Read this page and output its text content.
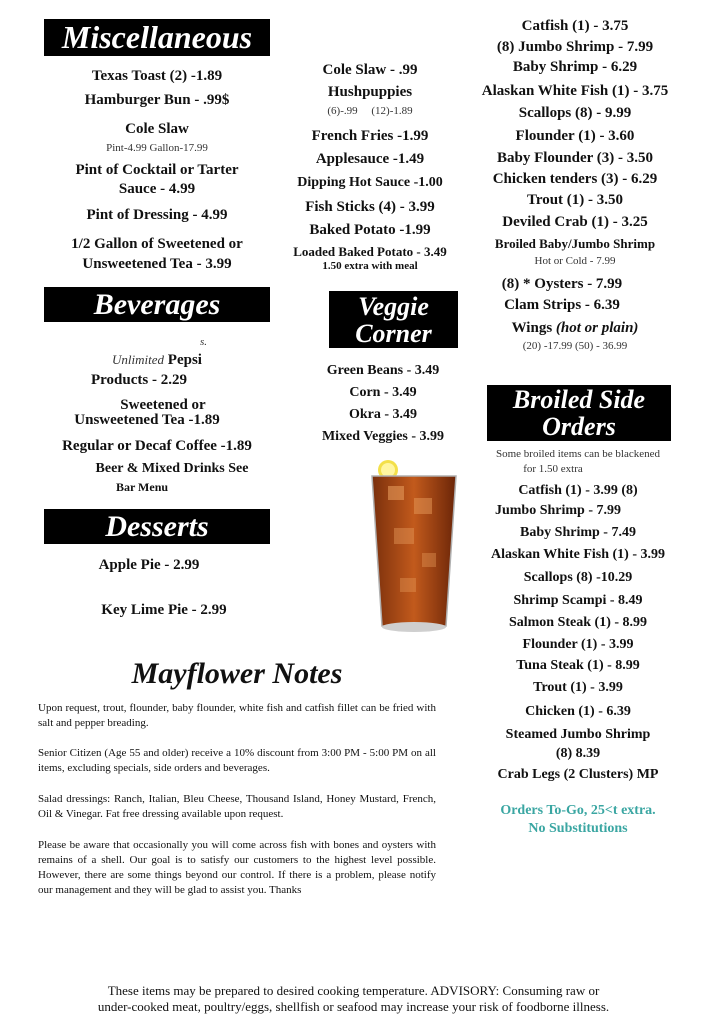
Miscellaneous
Texas Toast (2) -1.89
Hamburger Bun - .99$
Cole Slaw
Pint-4.99 Gallon-17.99
Pint of Cocktail or Tarter
Sauce - 4.99
Pint of Dressing - 4.99
1/2 Gallon of Sweetened or
Unsweetened Tea - 3.99
Beverages
s.
Unlimited Pepsi
Products - 2.29
Sweetened or
Unsweetened Tea -1.89
Regular or Decaf Coffee -1.89
Beer & Mixed Drinks See
Bar Menu
Desserts
Apple Pie - 2.99
Key Lime Pie - 2.99
Cole Slaw - .99
Hushpuppies
(6)-.99     (12)-1.89
French Fries -1.99
Applesauce -1.49
Dipping Hot Sauce -1.00
Fish Sticks (4) - 3.99
Baked Potato -1.99
Loaded Baked Potato - 3.49
1.50 extra with meal
Veggie
Corner
Green Beans - 3.49
Corn - 3.49
Okra - 3.49
Mixed Veggies - 3.99
Catfish (1) - 3.75
(8) Jumbo Shrimp - 7.99
Baby Shrimp - 6.29
Alaskan White Fish (1) - 3.75
Scallops (8) - 9.99
Flounder (1) - 3.60
Baby Flounder (3) - 3.50
Chicken tenders (3) - 6.29
Trout (1) - 3.50
Deviled Crab (1) - 3.25
Broiled Baby/Jumbo Shrimp
Hot or Cold - 7.99
(8) * Oysters - 7.99
Clam Strips - 6.39
Wings (hot or plain)
(20) -17.99 (50) - 36.99
Broiled Side
Orders
Some broiled items can be blackened
for 1.50 extra
Catfish (1) - 3.99 (8)
Jumbo Shrimp - 7.99
Baby Shrimp - 7.49
Alaskan White Fish (1) - 3.99
Scallops (8) -10.29
Shrimp Scampi - 8.49
Salmon Steak (1) - 8.99
Flounder (1) - 3.99
Tuna Steak (1) - 8.99
Trout (1) - 3.99
Chicken (1) - 6.39
Steamed Jumbo Shrimp
(8) 8.39
Crab Legs (2 Clusters) MP
Orders To-Go, 25<t extra.
No Substitutions
Mayflower Notes
Upon request, trout, flounder, baby flounder, white fish and catfish fillet can be fried with salt and pepper breading.
Senior Citizen (Age 55 and older) receive a 10% discount from 3:00 PM - 5:00 PM on all items, excluding specials, side orders and beverages.
Salad dressings: Ranch, Italian, Bleu Cheese, Thousand Island, Honey Mustard, French, Oil & Vinegar. Fat free dressing available upon request.
Please be aware that occasionally you will come across fish with bones and oysters with remains of a shell. Our goal is to satisfy our customers to the highest level possible. However, there are some things beyond our control. If there is a problem, please notify our management and they will be glad to assist you. Thanks
These items may be prepared to desired cooking temperature. ADVISORY: Consuming raw or
under-cooked meat, poultry/eggs, shellfish or seafood may increase your risk of foodborne illness.
